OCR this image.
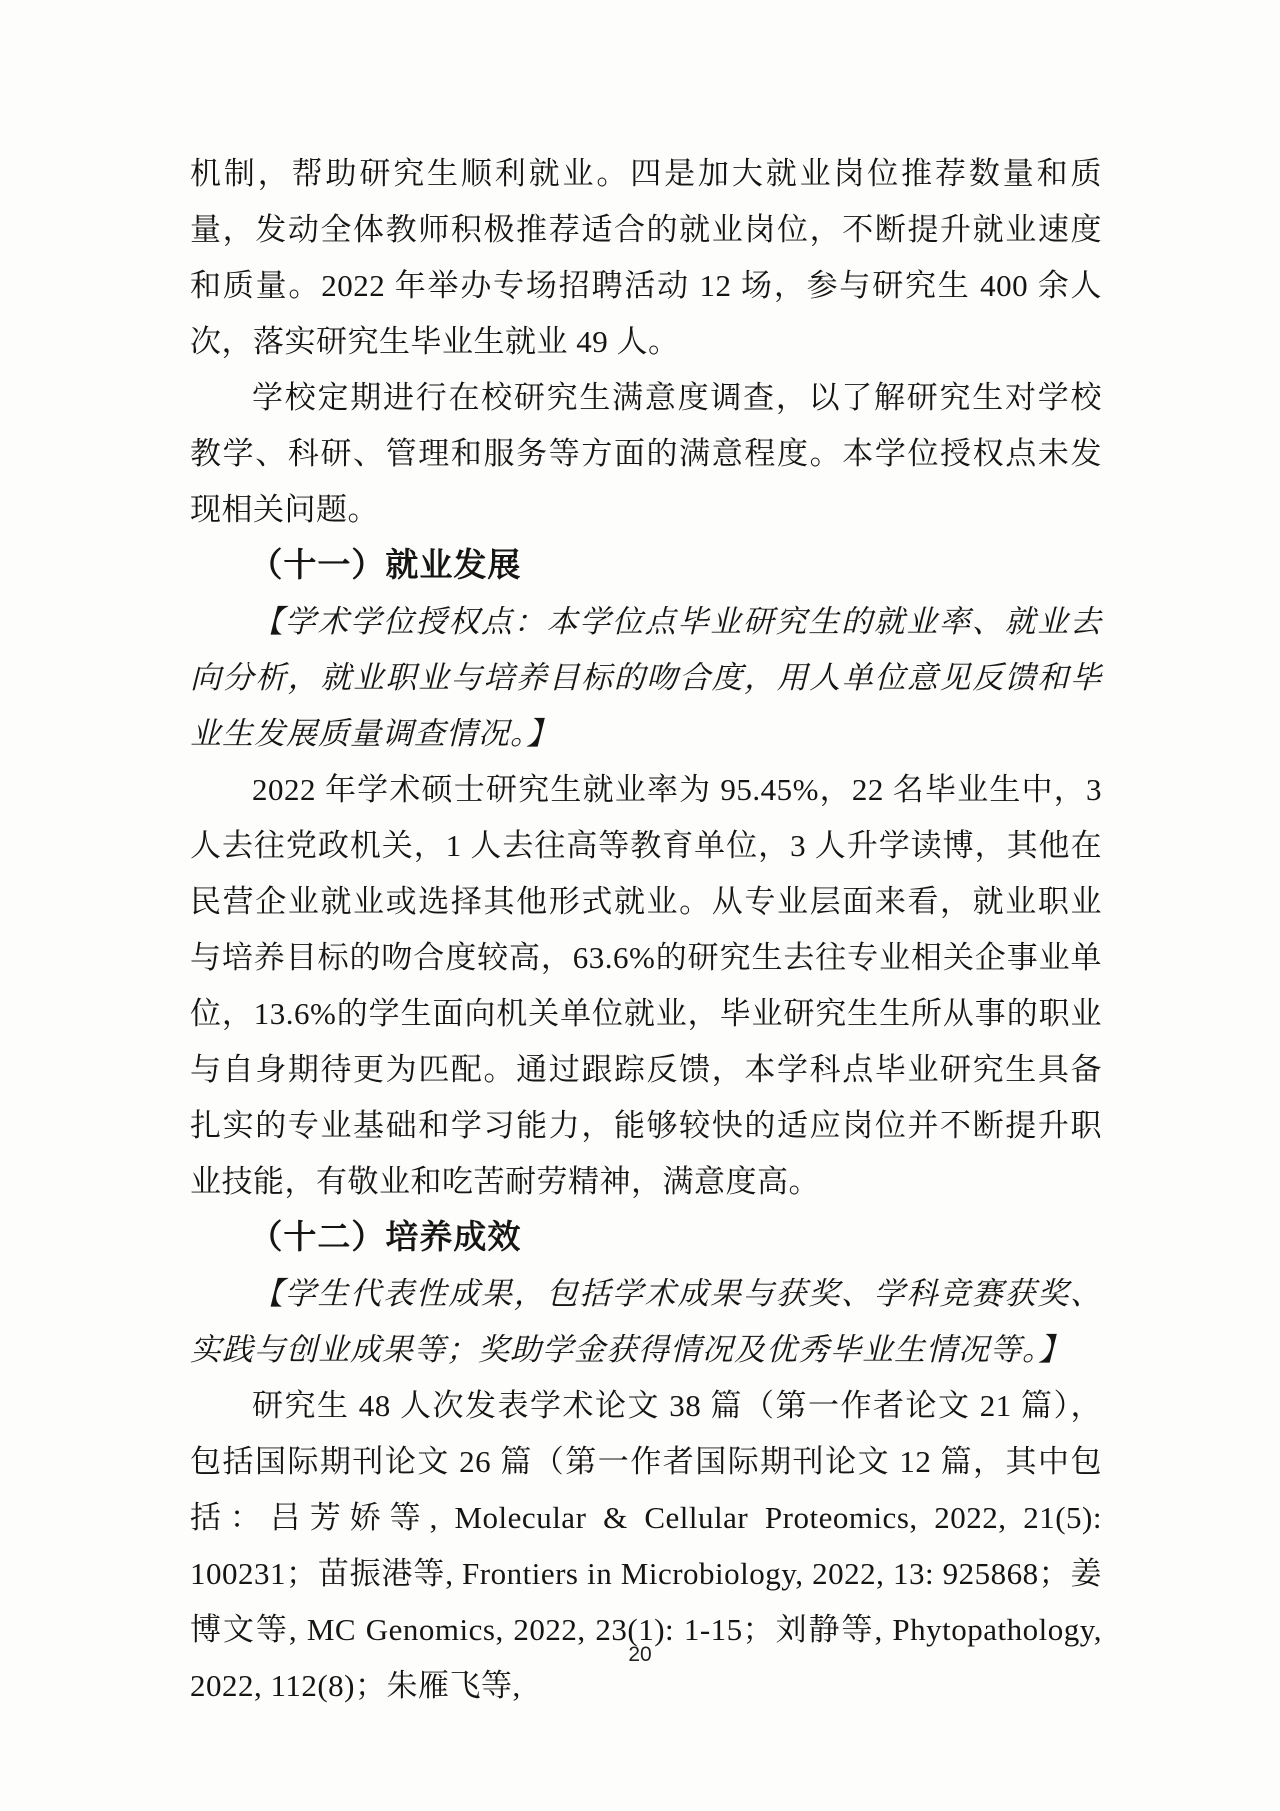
机制，帮助研究生顺利就业。四是加大就业岗位推荐数量和质量，发动全体教师积极推荐适合的就业岗位，不断提升就业速度和质量。2022 年举办专场招聘活动 12 场，参与研究生 400 余人次，落实研究生毕业生就业 49 人。

学校定期进行在校研究生满意度调查，以了解研究生对学校教学、科研、管理和服务等方面的满意程度。本学位授权点未发现相关问题。

（十一）就业发展

【学术学位授权点：本学位点毕业研究生的就业率、就业去向分析，就业职业与培养目标的吻合度，用人单位意见反馈和毕业生发展质量调查情况。】

2022 年学术硕士研究生就业率为 95.45%，22 名毕业生中，3 人去往党政机关，1 人去往高等教育单位，3 人升学读博，其他在民营企业就业或选择其他形式就业。从专业层面来看，就业职业与培养目标的吻合度较高，63.6%的研究生去往专业相关企事业单位，13.6%的学生面向机关单位就业，毕业研究生生所从事的职业与自身期待更为匹配。通过跟踪反馈，本学科点毕业研究生具备扎实的专业基础和学习能力，能够较快的适应岗位并不断提升职业技能，有敬业和吃苦耐劳精神，满意度高。

（十二）培养成效

【学生代表性成果，包括学术成果与获奖、学科竞赛获奖、实践与创业成果等；奖助学金获得情况及优秀毕业生情况等。】

研究生 48 人次发表学术论文 38 篇（第一作者论文 21 篇），包括国际期刊论文 26 篇（第一作者国际期刊论文 12 篇，其中包括：吕芳娇等, Molecular & Cellular Proteomics, 2022, 21(5): 100231；苗振港等, Frontiers in Microbiology, 2022, 13: 925868；姜博文等, MC Genomics, 2022, 23(1): 1-15；刘静等, Phytopathology, 2022, 112(8)；朱雁飞等,

20
